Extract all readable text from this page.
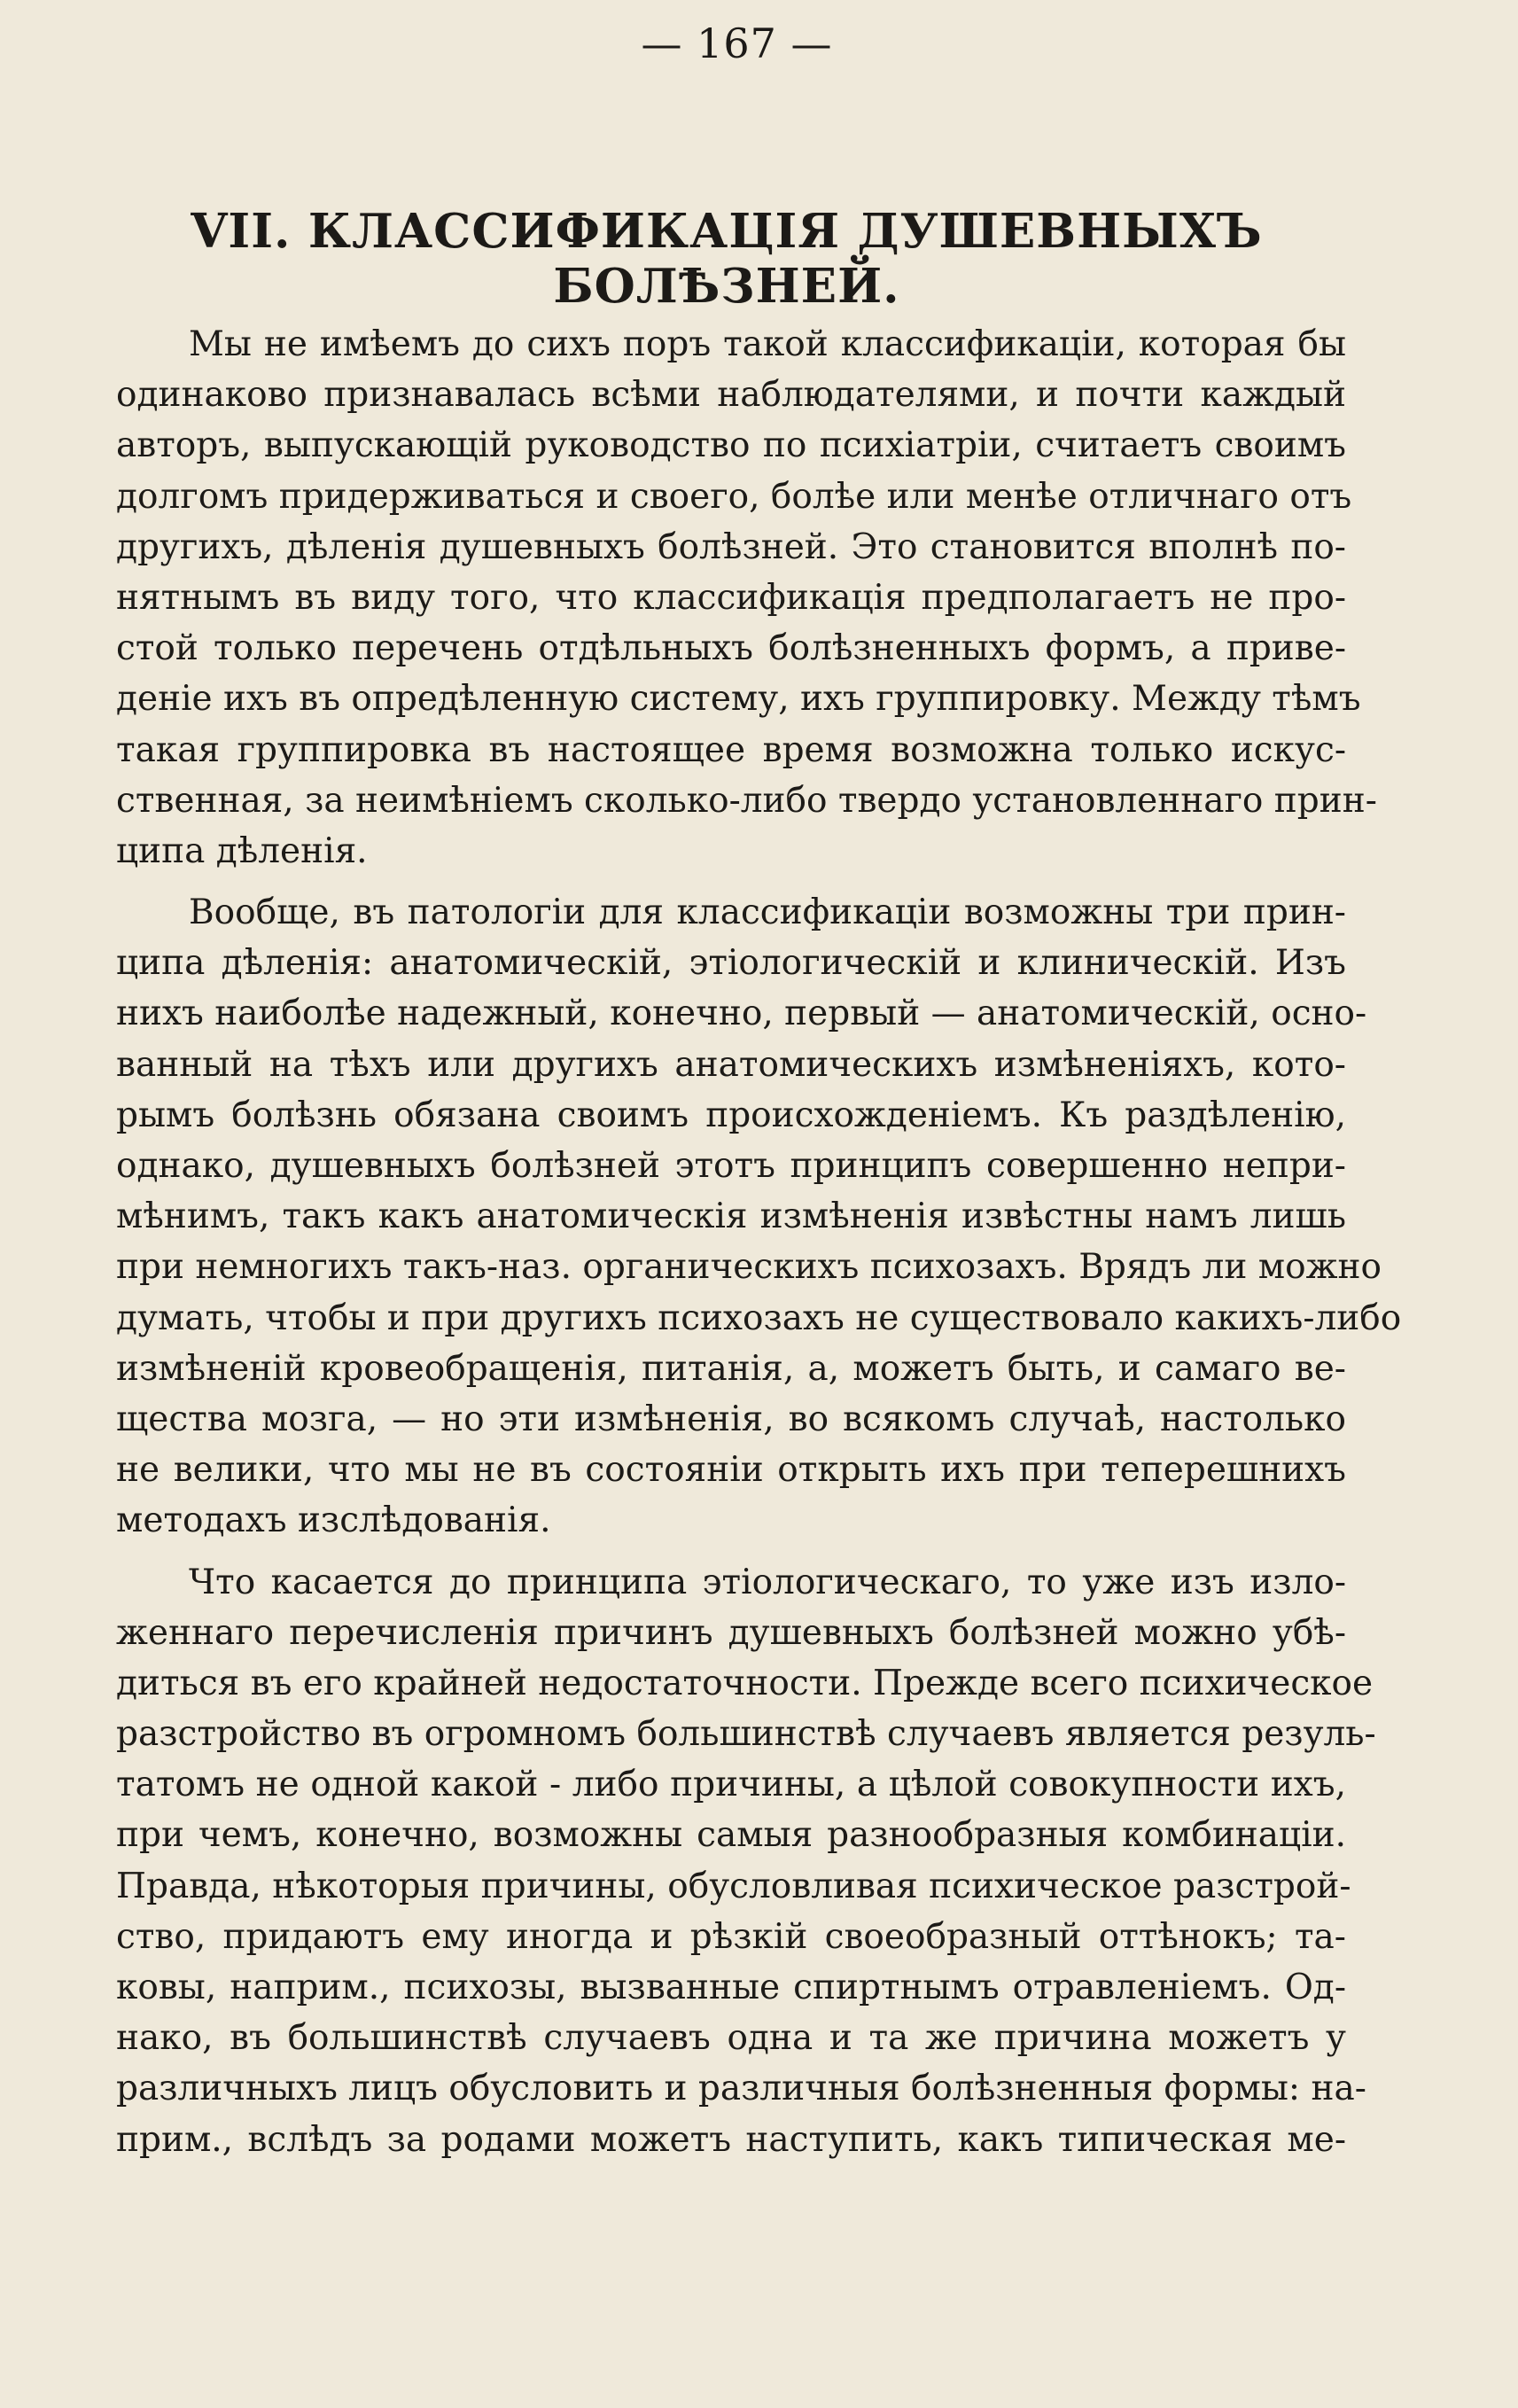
— 167 —
VII. КЛАССИФИКАЦІЯ ДУШЕВНЫХЪ БОЛѢЗНЕЙ.
Мы не имѣемъ до сихъ поръ такой классификаціи, которая бы
одинаково признавалась всѣми наблюдателями, и почти каждый
авторъ, выпускающій руководство по психіатріи, считаетъ своимъ
долгомъ придерживаться и своего, болѣе или менѣе отличнаго отъ
другихъ, дѣленія душевныхъ болѣзней. Это становится вполнѣ по-
нятнымъ въ виду того, что классификація предполагаетъ не про-
стой только перечень отдѣльныхъ болѣзненныхъ формъ, а приве-
деніе ихъ въ опредѣленную систему, ихъ группировку. Между тѣмъ
такая группировка въ настоящее время возможна только искус-
ственная, за неимѣніемъ сколько-либо твердо установленнаго прин-
ципа дѣленія.
Вообще, въ патологіи для классификаціи возможны три прин-
ципа дѣленія: анатомическій, этіологическій и клиническій. Изъ
нихъ наиболѣе надежный, конечно, первый — анатомическій, осно-
ванный на тѣхъ или другихъ анатомическихъ измѣненіяхъ, кото-
рымъ болѣзнь обязана своимъ происхожденіемъ. Къ раздѣленію,
однако, душевныхъ болѣзней этотъ принципъ совершенно непри-
мѣнимъ, такъ какъ анатомическія измѣненія извѣстны намъ лишь
при немногихъ такъ-наз. органическихъ психозахъ. Врядъ ли можно
думать, чтобы и при другихъ психозахъ не существовало какихъ-либо
измѣненій кровеобращенія, питанія, а, можетъ быть, и самаго ве-
щества мозга, — но эти измѣненія, во всякомъ случаѣ, настолько
не велики, что мы не въ состояніи открыть ихъ при теперешнихъ
методахъ изслѣдованія.
Что касается до принципа этіологическаго, то уже изъ изло-
женнаго перечисленія причинъ душевныхъ болѣзней можно убѣ-
диться въ его крайней недостаточности. Прежде всего психическое
разстройство въ огромномъ большинствѣ случаевъ является резуль-
татомъ не одной какой - либо причины, а цѣлой совокупности ихъ,
при чемъ, конечно, возможны самыя разнообразныя комбинаціи.
Правда, нѣкоторыя причины, обусловливая психическое разстрой-
ство, придаютъ ему иногда и рѣзкій своеобразный оттѣнокъ; та-
ковы, наприм., психозы, вызванные спиртнымъ отравленіемъ. Од-
нако, въ большинствѣ случаевъ одна и та же причина можетъ у
различныхъ лицъ обусловить и различныя болѣзненныя формы: на-
прим., вслѣдъ за родами можетъ наступить, какъ типическая ме-
